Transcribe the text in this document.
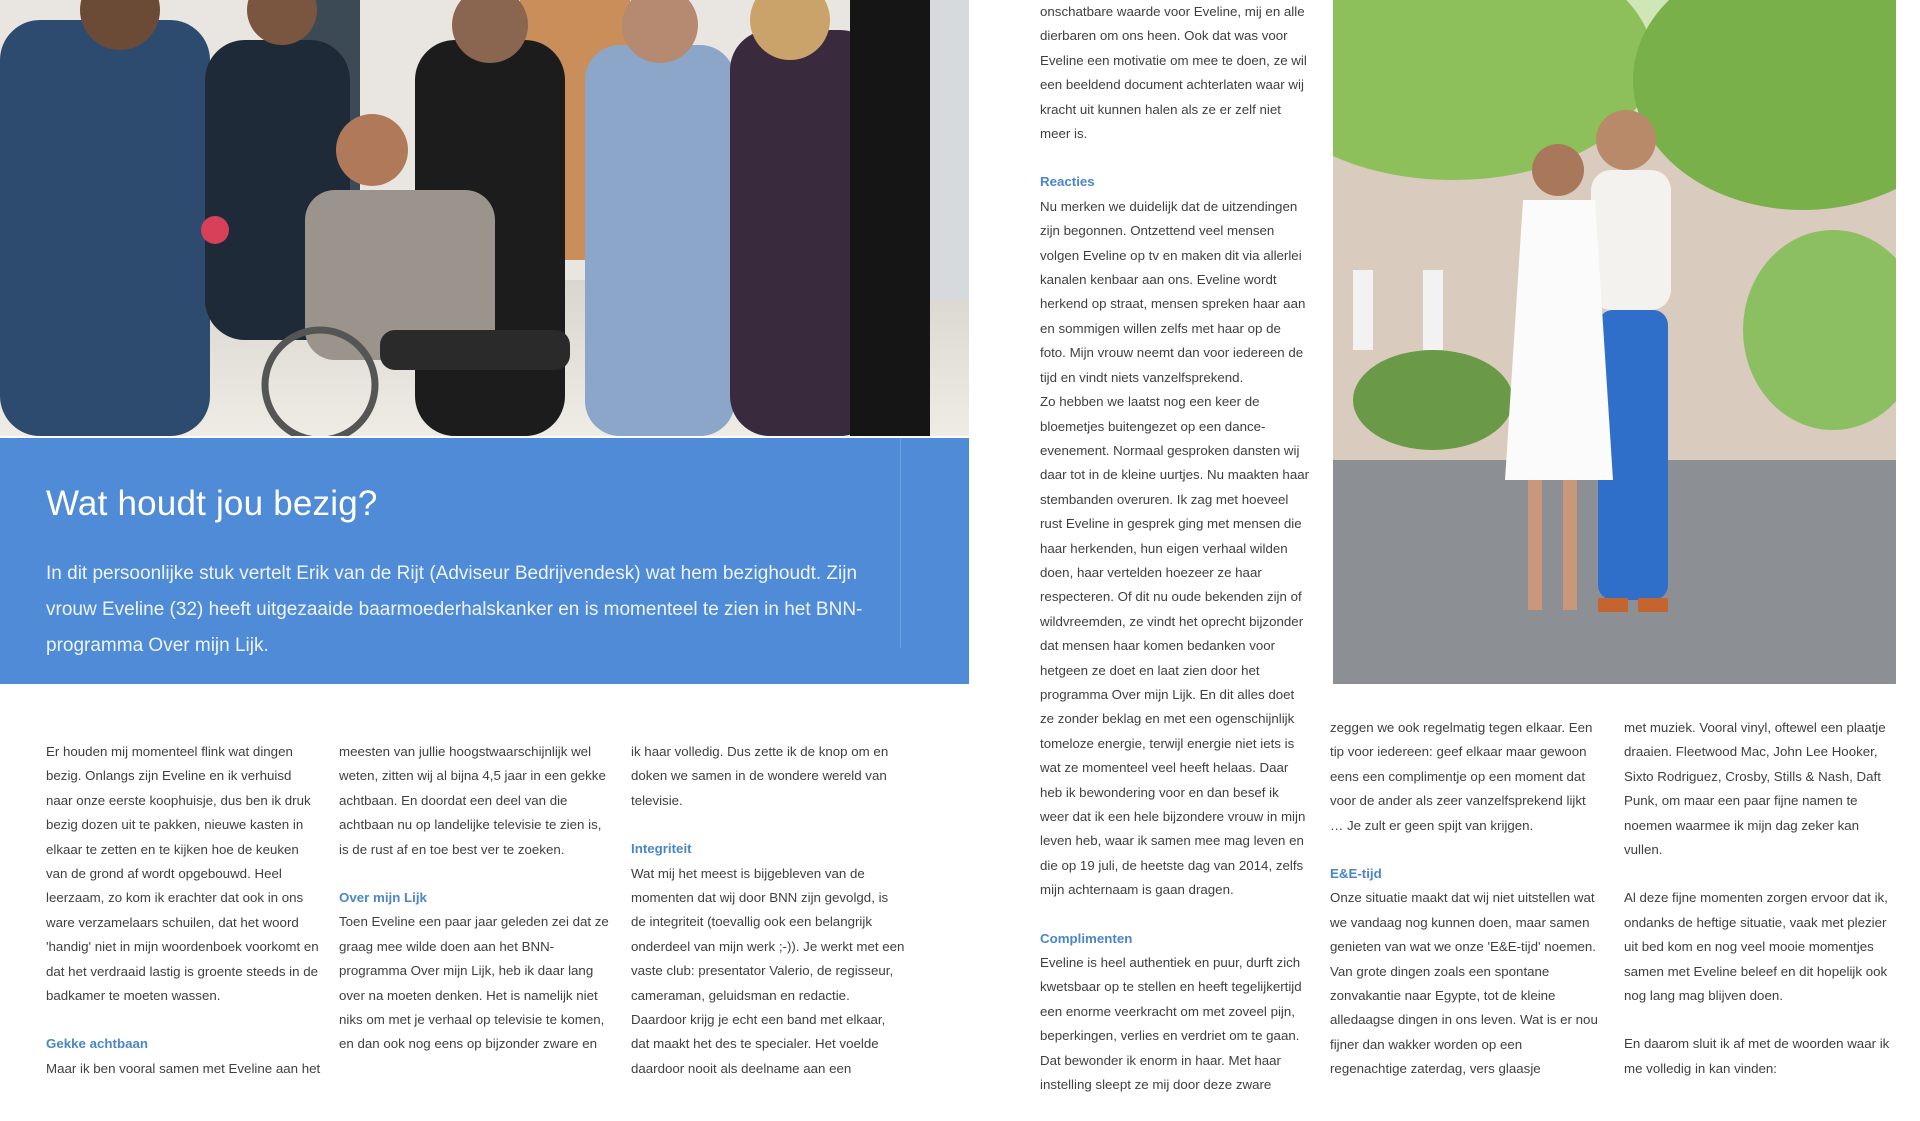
Wat houdt jou bezig?

In dit persoonlijke stuk vertelt Erik van de Rijt (Adviseur Bedrijvendesk) wat hem bezighoudt. Zijn vrouw Eveline (32) heeft uitgezaaide baarmoederhalskanker en is momenteel te zien in het BNN-programma Over mijn Lijk.

Er houden mij momenteel flink wat dingen bezig. Onlangs zijn Eveline en ik verhuisd naar onze eerste koophuisje, dus ben ik druk bezig dozen uit te pakken, nieuwe kasten in elkaar te zetten en te kijken hoe de keuken van de grond af wordt opgebouwd. Heel leerzaam, zo kom ik erachter dat ook in ons ware verzamelaars schuilen, dat het woord 'handig' niet in mijn woordenboek voorkomt en dat het verdraaid lastig is groente steeds in de badkamer te moeten wassen.

Gekke achtbaan

Maar ik ben vooral samen met Eveline aan het

meesten van jullie hoogstwaarschijnlijk wel weten, zitten wij al bijna 4,5 jaar in een gekke achtbaan. En doordat een deel van die achtbaan nu op landelijke televisie te zien is, is de rust af en toe best ver te zoeken.

Over mijn Lijk

Toen Eveline een paar jaar geleden zei dat ze graag mee wilde doen aan het BNN-programma Over mijn Lijk, heb ik daar lang over na moeten denken. Het is namelijk niet niks om met je verhaal op televisie te komen, en dan ook nog eens op bijzonder zware en

ik haar volledig. Dus zette ik de knop om en doken we samen in de wondere wereld van televisie.

Integriteit

Wat mij het meest is bijgebleven van de momenten dat wij door BNN zijn gevolgd, is de integriteit (toevallig ook een belangrijk onderdeel van mijn werk ;-)). Je werkt met een vaste club: presentator Valerio, de regisseur, cameraman, geluidsman en redactie. Daardoor krijg je echt een band met elkaar, dat maakt het des te specialer. Het voelde daardoor nooit als deelname aan een

onschatbare waarde voor Eveline, mij en alle dierbaren om ons heen. Ook dat was voor Eveline een motivatie om mee te doen, ze wil een beeldend document achterlaten waar wij kracht uit kunnen halen als ze er zelf niet meer is.

Reacties

Nu merken we duidelijk dat de uitzendingen zijn begonnen. Ontzettend veel mensen volgen Eveline op tv en maken dit via allerlei kanalen kenbaar aan ons. Eveline wordt herkend op straat, mensen spreken haar aan en sommigen willen zelfs met haar op de foto. Mijn vrouw neemt dan voor iedereen de tijd en vindt niets vanzelfsprekend.

Zo hebben we laatst nog een keer de bloemetjes buitengezet op een dance-evenement. Normaal gesproken dansten wij daar tot in de kleine uurtjes. Nu maakten haar stembanden overuren. Ik zag met hoeveel rust Eveline in gesprek ging met mensen die haar herkenden, hun eigen verhaal wilden doen, haar vertelden hoezeer ze haar respecteren. Of dit nu oude bekenden zijn of wildvreemden, ze vindt het oprecht bijzonder dat mensen haar komen bedanken voor hetgeen ze doet en laat zien door het programma Over mijn Lijk. En dit alles doet ze zonder beklag en met een ogenschijnlijk tomeloze energie, terwijl energie niet iets is wat ze momenteel veel heeft helaas. Daar heb ik bewondering voor en dan besef ik weer dat ik een hele bijzondere vrouw in mijn leven heb, waar ik samen mee mag leven en die op 19 juli, de heetste dag van 2014, zelfs mijn achternaam is gaan dragen.

Complimenten

Eveline is heel authentiek en puur, durft zich kwetsbaar op te stellen en heeft tegelijkertijd een enorme veerkracht om met zoveel pijn, beperkingen, verlies en verdriet om te gaan. Dat bewonder ik enorm in haar. Met haar instelling sleept ze mij door deze zware

zeggen we ook regelmatig tegen elkaar. Een tip voor iedereen: geef elkaar maar gewoon eens een complimentje op een moment dat voor de ander als zeer vanzelfsprekend lijkt … Je zult er geen spijt van krijgen.

E&E-tijd

Onze situatie maakt dat wij niet uitstellen wat we vandaag nog kunnen doen, maar samen genieten van wat we onze 'E&E-tijd' noemen. Van grote dingen zoals een spontane zonvakantie naar Egypte, tot de kleine alledaagse dingen in ons leven. Wat is er nou fijner dan wakker worden op een regenachtige zaterdag, vers glaasje

met muziek. Vooral vinyl, oftewel een plaatje draaien. Fleetwood Mac, John Lee Hooker, Sixto Rodriguez, Crosby, Stills & Nash, Daft Punk, om maar een paar fijne namen te noemen waarmee ik mijn dag zeker kan vullen.

Al deze fijne momenten zorgen ervoor dat ik, ondanks de heftige situatie, vaak met plezier uit bed kom en nog veel mooie momentjes samen met Eveline beleef en dit hopelijk ook nog lang mag blijven doen.

En daarom sluit ik af met de woorden waar ik me volledig in kan vinden:
